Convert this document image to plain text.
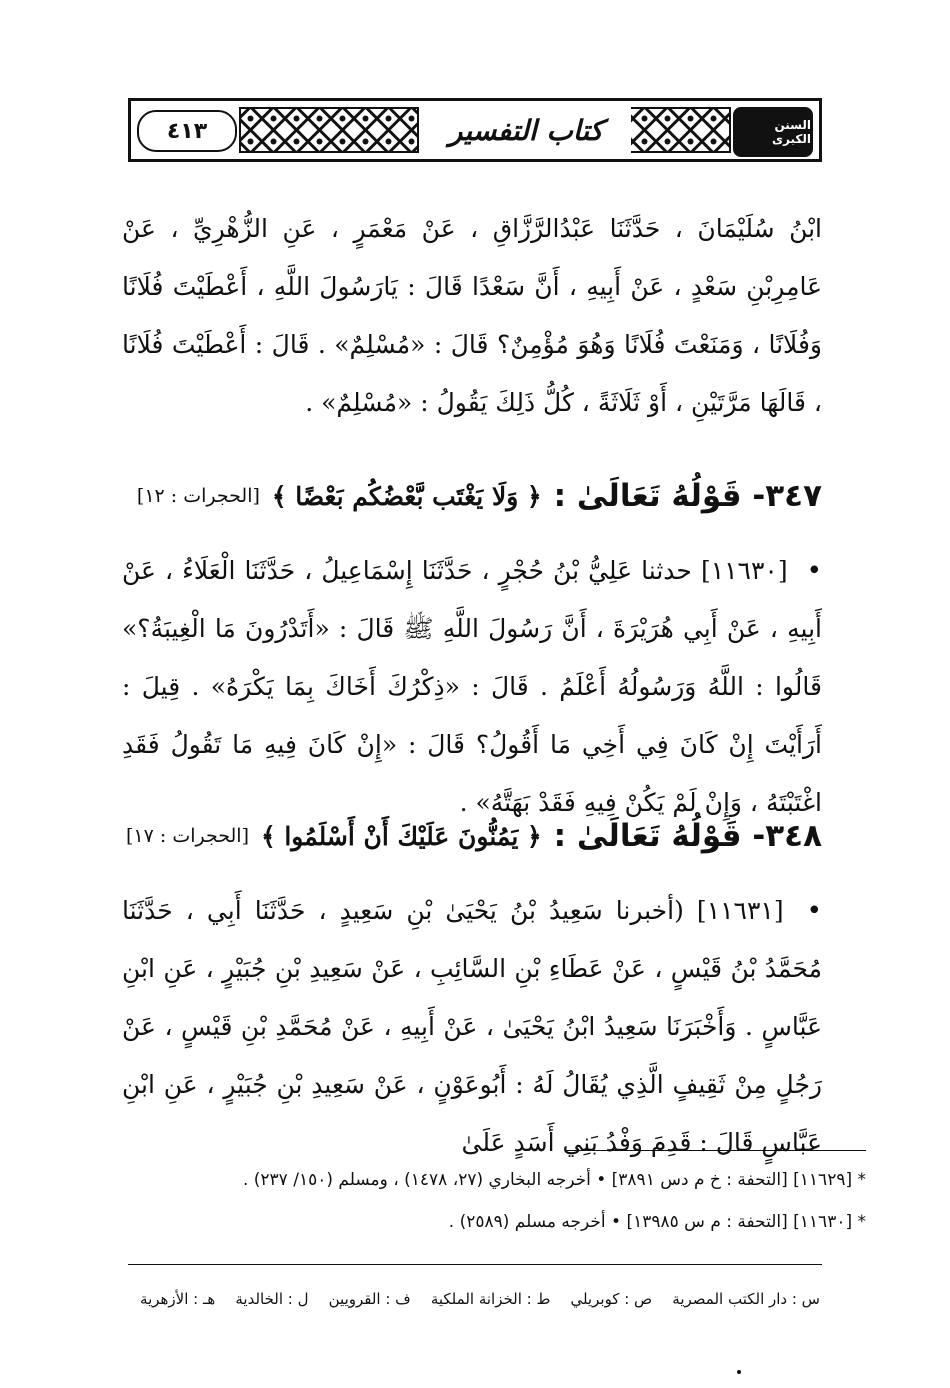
السنن الكبرى
كتاب التفسير
٤١٣

ابْنُ سُلَيْمَانَ ، حَدَّثَنَا عَبْدُالرَّزَّاقِ ، عَنْ مَعْمَرٍ ، عَنِ الزُّهْرِيِّ ، عَنْ عَامِرِبْنِ سَعْدٍ ، عَنْ أَبِيهِ ، أَنَّ سَعْدًا قَالَ : يَارَسُولَ اللَّهِ ، أَعْطَيْتَ فُلَانًا وَفُلَانًا ، وَمَنَعْتَ فُلَانًا وَهُوَ مُؤْمِنٌ؟ قَالَ : «مُسْلِمٌ» . قَالَ : أَعْطَيْتَ فُلَانًا ، قَالَهَا مَرَّتَيْنِ ، أَوْ ثَلَاثَةً ، كُلُّ ذَلِكَ يَقُولُ : «مُسْلِمٌ» .

٣٤٧- قَوْلُهُ تَعَالَىٰ :
﴿ وَلَا يَغْتَب بَّعْضُكُم بَعْضًا ﴾
[الحجرات : ١٢]

• [١١٦٣٠] حدثنا عَلِيُّ بْنُ حُجْرٍ ، حَدَّثَنَا إِسْمَاعِيلُ ، حَدَّثَنَا الْعَلَاءُ ، عَنْ أَبِيهِ ، عَنْ أَبِي هُرَيْرَةَ ، أَنَّ رَسُولَ اللَّهِ ﷺ قَالَ : «أَتَدْرُونَ مَا الْغِيبَةُ؟» قَالُوا : اللَّهُ وَرَسُولُهُ أَعْلَمُ . قَالَ : «ذِكْرُكَ أَخَاكَ بِمَا يَكْرَهُ» . قِيلَ : أَرَأَيْتَ إِنْ كَانَ فِي أَخِي مَا أَقُولُ؟ قَالَ : «إِنْ كَانَ فِيهِ مَا تَقُولُ فَقَدِ اغْتَبْتَهُ ، وَإِنْ لَمْ يَكُنْ فِيهِ فَقَدْ بَهَتَّهُ» .

٣٤٨- قَوْلُهُ تَعَالَىٰ :
﴿ يَمُنُّونَ عَلَيْكَ أَنْ أَسْلَمُوا ﴾
[الحجرات : ١٧]

• [١١٦٣١] (أخبرنا سَعِيدُ بْنُ يَحْيَىٰ بْنِ سَعِيدٍ ، حَدَّثَنَا أَبِي ، حَدَّثَنَا مُحَمَّدُ بْنُ قَيْسٍ ، عَنْ عَطَاءِ بْنِ السَّائِبِ ، عَنْ سَعِيدِ بْنِ جُبَيْرٍ ، عَنِ ابْنِ عَبَّاسٍ . وَأَخْبَرَنَا سَعِيدُ ابْنُ يَحْيَىٰ ، عَنْ أَبِيهِ ، عَنْ مُحَمَّدِ بْنِ قَيْسٍ ، عَنْ رَجُلٍ مِنْ ثَقِيفٍ الَّذِي يُقَالُ لَهُ : أَبُوعَوْنٍ ، عَنْ سَعِيدِ بْنِ جُبَيْرٍ ، عَنِ ابْنِ عَبَّاسٍ قَالَ : قَدِمَ وَفْدُ بَنِي أَسَدٍ عَلَىٰ

* [١١٦٢٩] [التحفة : خ م دس ٣٨٩١] • أخرجه البخاري (٢٧، ١٤٧٨) ، ومسلم (١٥٠/ ٢٣٧) .
* [١١٦٣٠] [التحفة : م س ١٣٩٨٥] • أخرجه مسلم (٢٥٨٩) .
س : دار الكتب المصرية
ص : كوبريلي
ط : الخزانة الملكية
ف : القرويين
ل : الخالدية
هـ : الأزهرية
